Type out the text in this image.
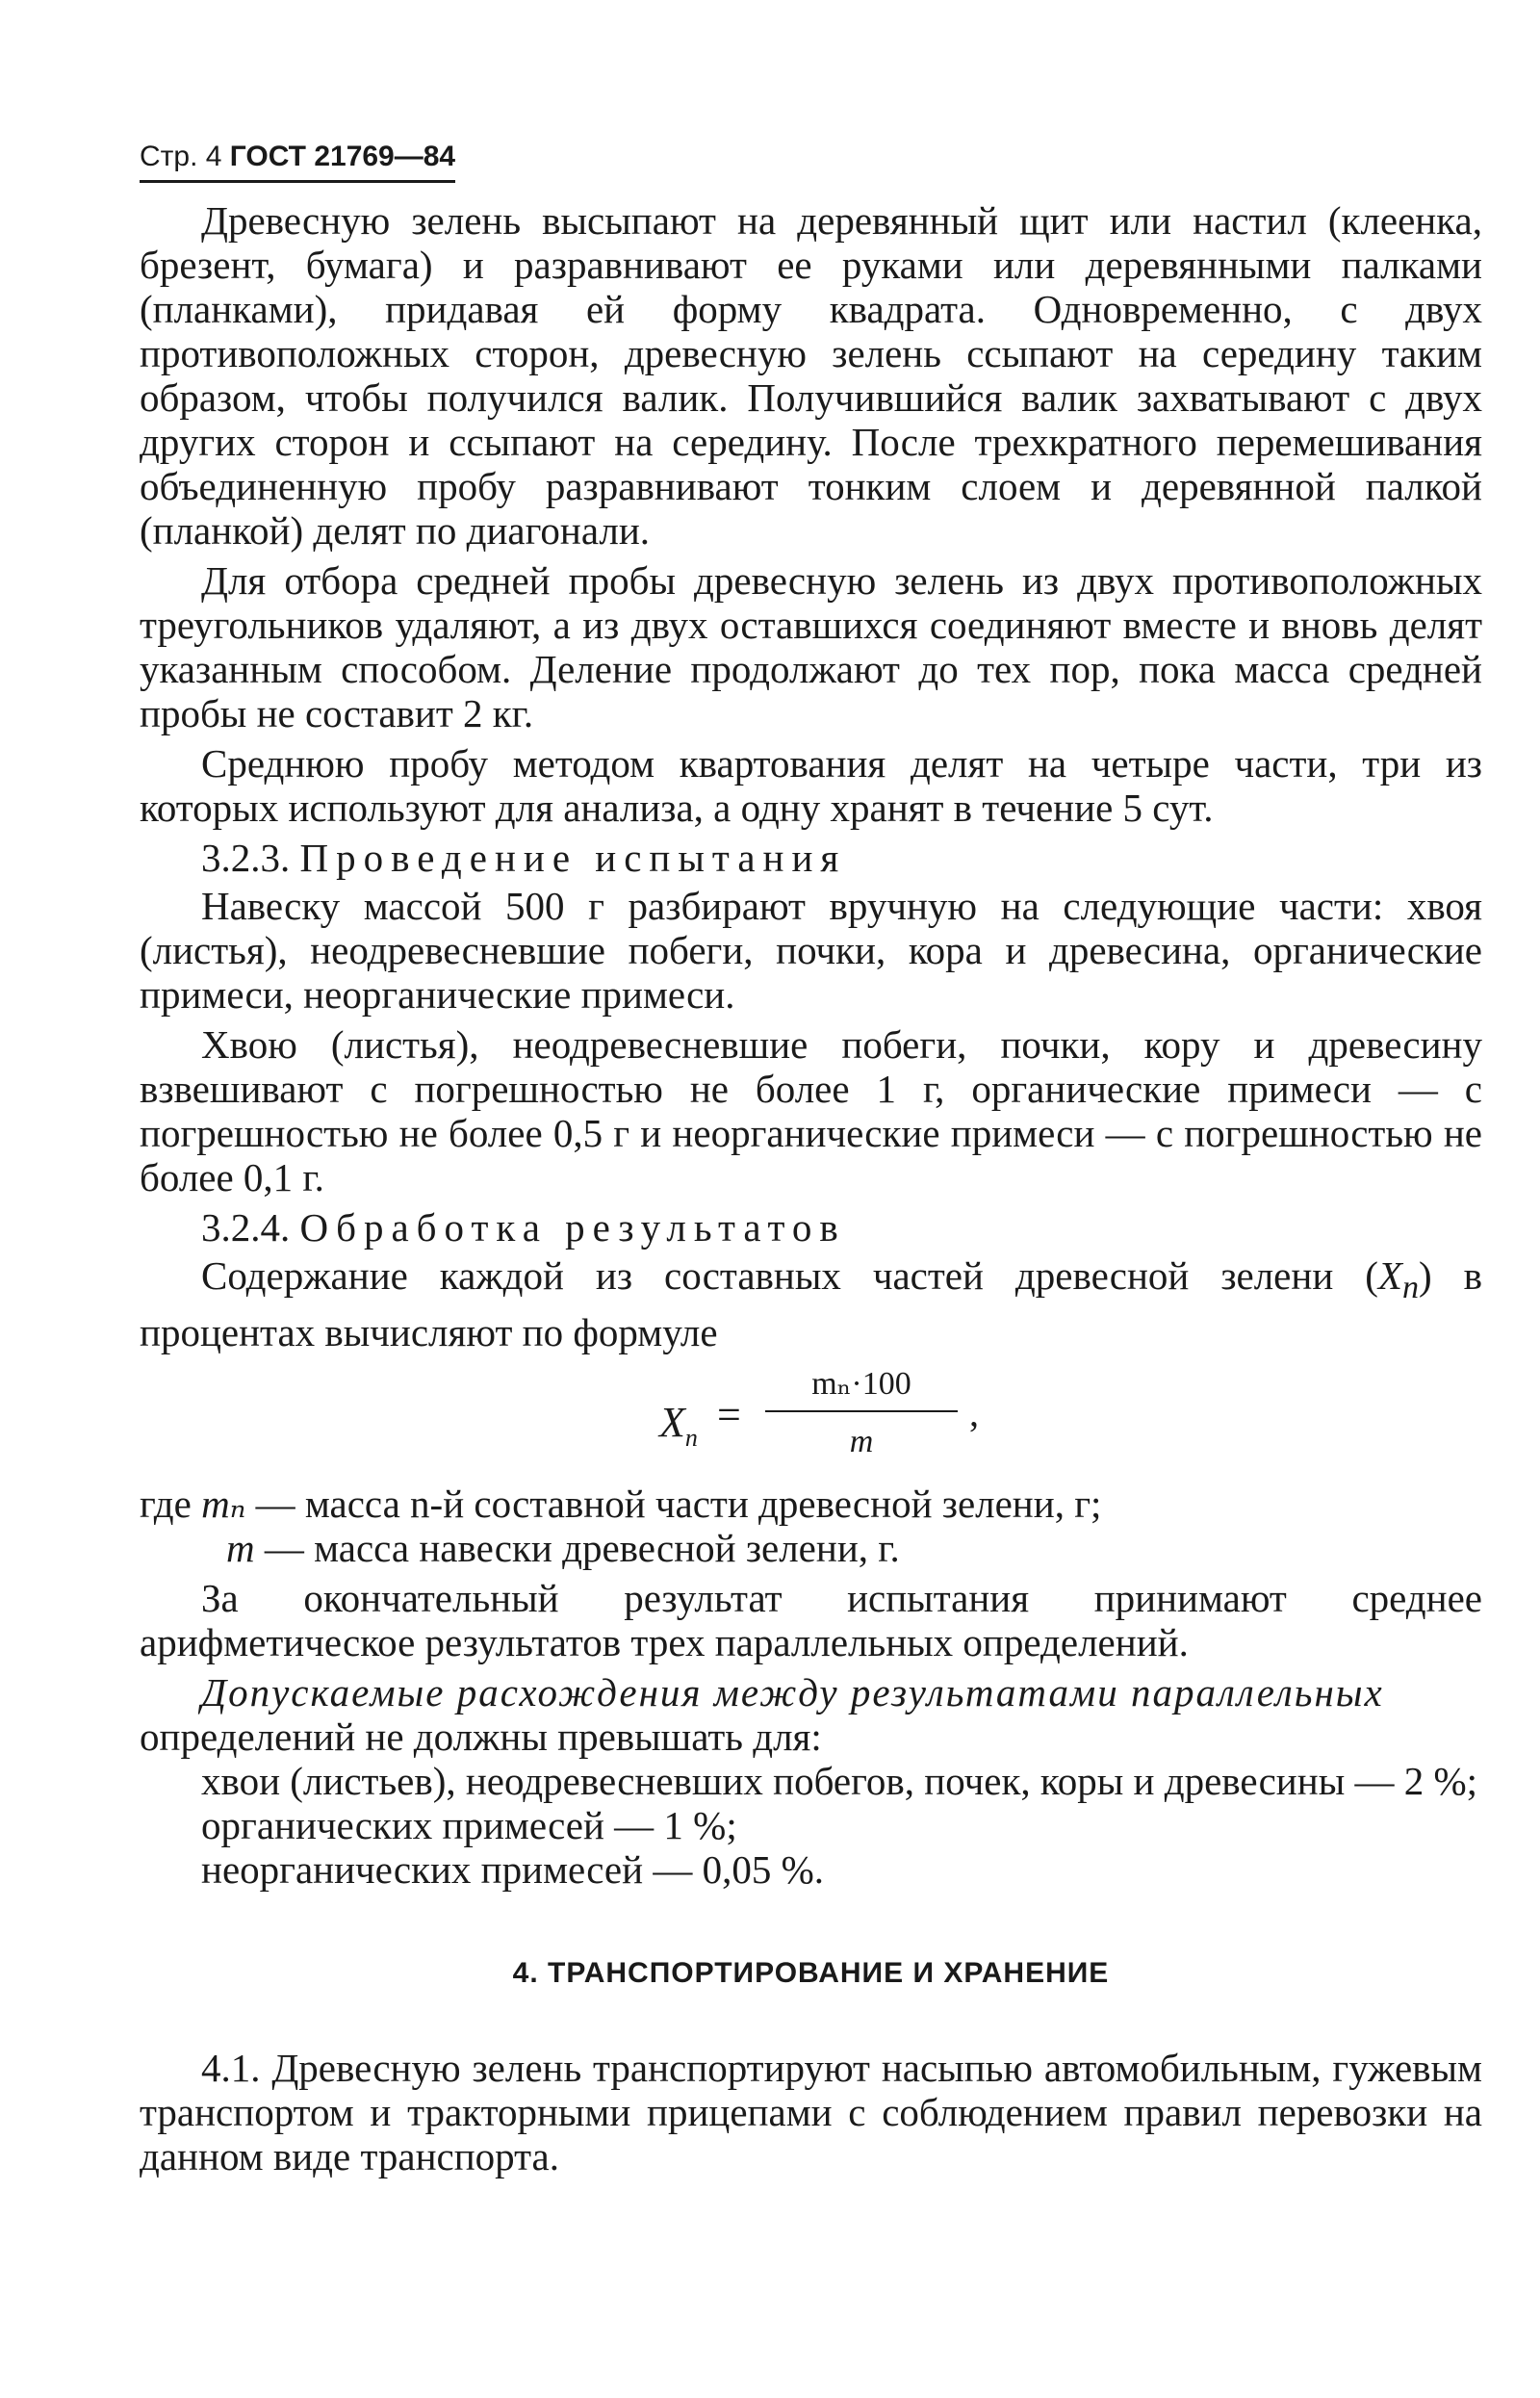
Стр. 4 ГОСТ 21769—84

Древесную зелень высыпают на деревянный щит или настил (клеенка, брезент, бумага) и разравнивают ее руками или деревянными палками (планками), придавая ей форму квадрата. Одновременно, с двух противоположных сторон, древесную зелень ссыпают на середину таким образом, чтобы получился валик. Получившийся валик захватывают с двух других сторон и ссыпают на середину. После трехкратного перемешивания объединенную пробу разравнивают тонким слоем и деревянной палкой (планкой) делят по диагонали.

Для отбора средней пробы древесную зелень из двух противоположных треугольников удаляют, а из двух оставшихся соединяют вместе и вновь делят указанным способом. Деление продолжают до тех пор, пока масса средней пробы не составит 2 кг.

Среднюю пробу методом квартования делят на четыре части, три из которых используют для анализа, а одну хранят в течение 5 сут.

3.2.3. Проведение испытания

Навеску массой 500 г разбирают вручную на следующие части: хвоя (листья), неодревесневшие побеги, почки, кора и древесина, органические примеси, неорганические примеси.

Хвою (листья), неодревесневшие побеги, почки, кору и древесину взвешивают с погрешностью не более 1 г, органические примеси — с погрешностью не более 0,5 г и неорганические примеси — с погрешностью не более 0,1 г.

3.2.4. Обработка результатов

Содержание каждой из составных частей древесной зелени $(X_n)$ в процентах вычисляют по формуле

$X_n$ =
mₙ·100
m
,

где mₙ — масса n-й составной части древесной зелени, г;

m — масса навески древесной зелени, г.

За окончательный результат испытания принимают среднее арифметическое результатов трех параллельных определений.

Допускаемые расхождения между результатами параллельных

определений не должны превышать для:

хвои (листьев), неодревесневших побегов, почек, коры и древесины — 2 %;

органических примесей — 1 %;

неорганических примесей — 0,05 %.

4. ТРАНСПОРТИРОВАНИЕ И ХРАНЕНИЕ

4.1. Древесную зелень транспортируют насыпью автомобильным, гужевым транспортом и тракторными прицепами с соблюдением правил перевозки на данном виде транспорта.
